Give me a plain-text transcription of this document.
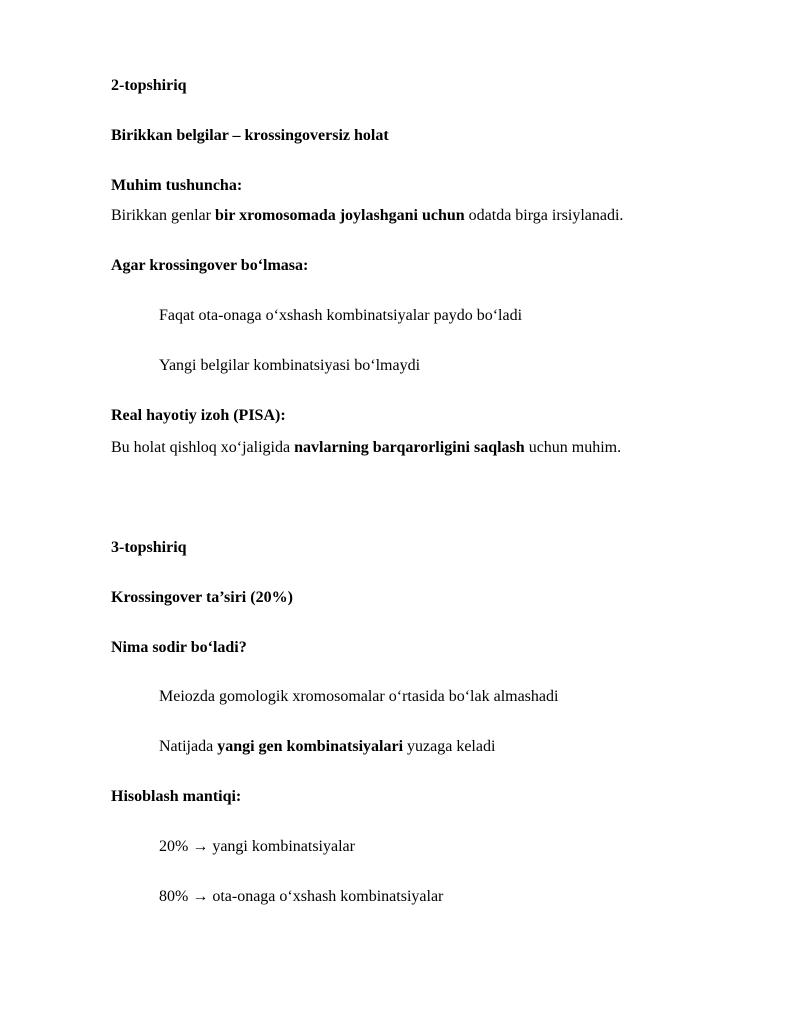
2-topshiriq
Birikkan belgilar – krossingoversiz holat
Muhim tushuncha:
Birikkan genlar bir xromosomada joylashgani uchun odatda birga irsiylanadi.
Agar krossingover bo‘lmasa:
Faqat ota-onaga o‘xshash kombinatsiyalar paydo bo‘ladi
Yangi belgilar kombinatsiyasi bo‘lmaydi
Real hayotiy izoh (PISA):
Bu holat qishloq xo‘jaligida navlarning barqarorligini saqlash uchun muhim.
3-topshiriq
Krossingover ta’siri (20%)
Nima sodir bo‘ladi?
Meiozda gomologik xromosomalar o‘rtasida bo‘lak almashadi
Natijada yangi gen kombinatsiyalari yuzaga keladi
Hisoblash mantiqi:
20% → yangi kombinatsiyalar
80% → ota-onaga o‘xshash kombinatsiyalar
